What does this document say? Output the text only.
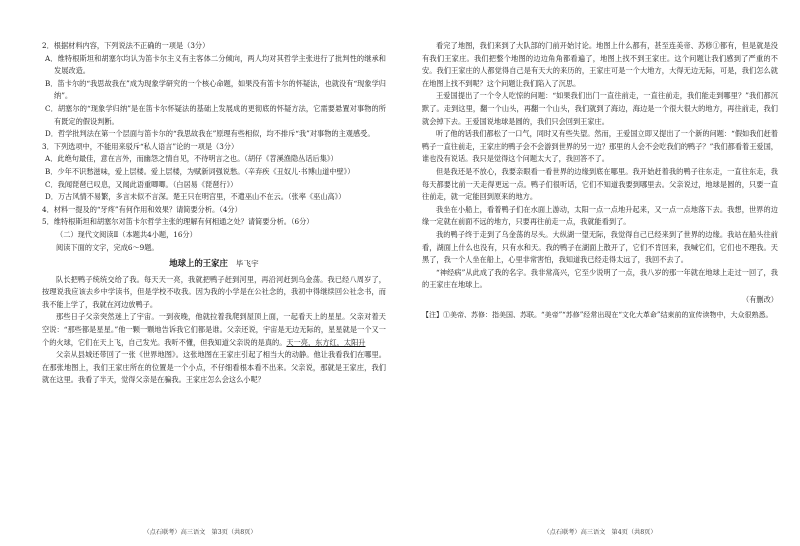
2．根据材料内容，下列说法不正确的一项是（3分）

A．维特根斯坦和胡塞尔均认为笛卡尔主义有主客体二分倾向，两人均对其哲学主张进行了批判性的继承和发展改造。

B．笛卡尔的“我思故我在”成为现象学研究的一个核心命题，如果没有笛卡尔的怀疑法，也就没有“现象学归纳”。

C．胡塞尔的“现象学归纳”是在笛卡尔怀疑法的基础上发展成的更彻底的怀疑方法，它需要悬置对事物的所有既定的假设判断。

D．哲学批判法在第一个层面与笛卡尔的“我思故我在”原理有些相似，均不排斥“我”对事物的主观感受。

3．下列选项中，不能用来驳斥“私人语言”论的一项是（3分）

A．此绝句最佳，意在言外，而幽怨之情自见，不待明言之也。（胡仔《苕溪渔隐丛话后集》）

B．少年不识愁滋味，爱上层楼。爱上层楼，为赋新词强说愁。（辛弃疾《丑奴儿·书博山道中壁》）

C．我闻琵琶已叹息，又闻此语重唧唧。（白居易《琵琶行》）

D．万古风情不易繁，多言未似不言深。楚王只在明宫里，不遣巫山不在云。（张率《巫山高》）

4．材料一提及的“牙疼”有何作用和效果？请简要分析。（4分）

5．维特根斯坦和胡塞尔对笛卡尔哲学主张的理解有何相通之处？请简要分析。（6分）

（二）现代文阅读Ⅱ（本题共4小题，16分）

阅读下面的文字，完成6～9题。

地球上的王家庄 毕飞宇

队长把鸭子统统交给了我。每天天一亮，我就把鸭子赶到河里，再沿河赶到乌金荡。我已经八周岁了，按理说我应该去乡中学读书，但是学校不收我。因为我的小学是在公社念的，我初中得继续回公社念书，而我不能上学了，我就在河边放鸭子。

那些日子父亲突然迷上了宇宙。一到夜晚，他就拉着我爬到屋顶上面，一起看天上的星星。父亲对着天空说：“那些都是星星。”他一颗一颗地告诉我它们都是谁。父亲还说，宇宙是无边无际的，星星就是一个又一个的火球，它们在天上飞，自己发光。我听不懂，但我知道父亲说的是真的。天一亮，东方红，太阳升

父亲从县城还带回了一张《世界地图》。这张地图在王家庄引起了相当大的动静。他让我看我们在哪里。在那张地图上，我们王家庄所在的位置是一个小点，不仔细看根本看不出来。父亲说，那就是王家庄，我们就在这里。我看了半天，觉得父亲是在骗我。王家庄怎么会这么小呢？

（点石联考）高三语文　第3页（共8页）

看完了地图，我们来到了大队部的门前开始讨论。地图上什么都有，甚至连美帝、苏修①都有，但是就是没有我们王家庄。我们把整个地图的边边角角都看遍了，地图上找不到王家庄。这个问题让我们感到了严重的不安。我们王家庄的人都觉得自己是有天大的来历的，王家庄可是一个大地方，大得无边无际，可是，我们怎么就在地图上找不到呢？这个问题让我们陷入了沉思。

王爱国提出了一个令人吃惊的问题：“如果我们出门一直往前走，一直往前走，我们能走到哪里？”我们都沉默了。走到这里，翻一个山头，再翻一个山头，我们就到了海边，海边是一个很大很大的地方，再往前走，我们就会掉下去。王爱国说地球是圆的，我们只会回到王家庄。

听了他的话我们都松了一口气，同时又有些失望。然而，王爱国立即又提出了一个新的问题：“假如我们赶着鸭子一直往前走，王家庄的鸭子会不会游到世界的另一边？那里的人会不会吃我们的鸭子？”我们都看着王爱国，谁也没有说话。我只是觉得这个问题太大了，我回答不了。

但是我还是不放心，我要亲眼看一看世界的边缘到底在哪里。我开始赶着我的鸭子往东走，一直往东走，我每天都要比前一天走得更远一点。鸭子们很听话，它们不知道我要到哪里去。父亲说过，地球是圆的，只要一直往前走，就一定能回到原来的地方。

我坐在小船上，看着鸭子们在水面上游动，太阳一点一点地升起来，又一点一点地落下去。我想，世界的边缘一定就在前面不远的地方，只要再往前走一点，我就能看到了。

我的鸭子终于走到了乌金荡的尽头。大纵湖一望无际，我觉得自己已经来到了世界的边缘。我站在船头往前看，湖面上什么也没有，只有水和天。我的鸭子在湖面上散开了，它们不肯回来，我喊它们，它们也不理我。天黑了，我一个人坐在船上，心里非常害怕，我知道我已经走得太远了，我回不去了。

“神经病”从此成了我的名字。我非常高兴，它至少说明了一点，我八岁的那一年就在地球上走过一回了，我的王家庄在地球上。

（有删改）

【注】①美帝、苏修：指美国、苏联。“美帝”“苏修”经常出现在“文化大革命”结束前的宣传读物中，大众很熟悉。

（点石联考）高三语文　第4页（共8页）
